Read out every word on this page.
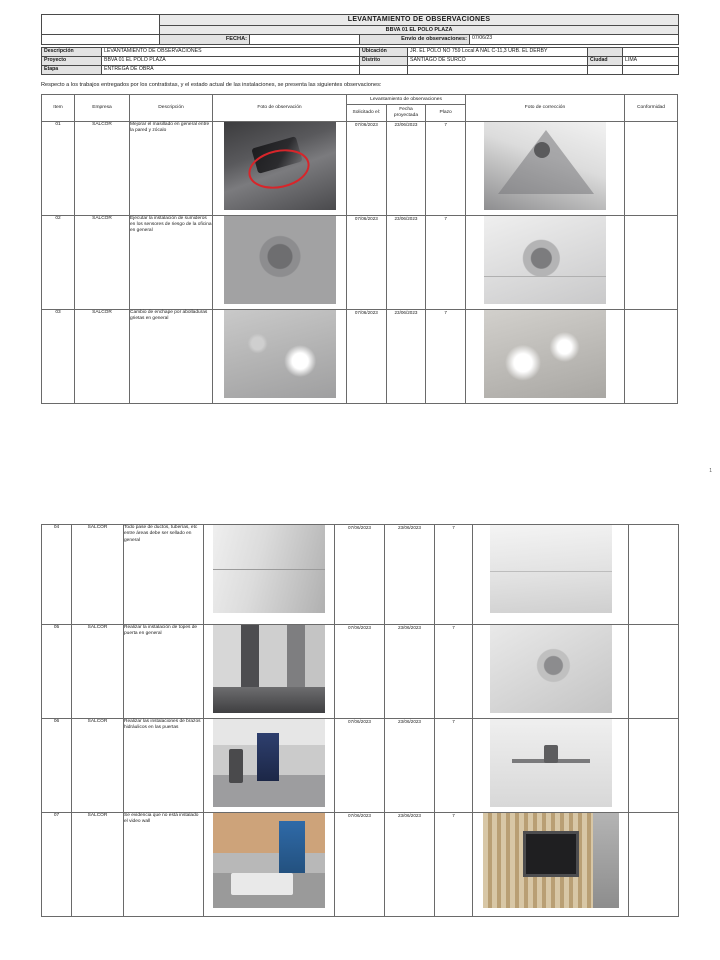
	LEVANTAMIENTO DE OBSERVACIONES			
	BBVA 01 EL POLO PLAZA			
	FECHA:		Envío de observaciones:	07/06/23
Descripción	LEVANTAMIENTO DE OBSERVACIONES	Ubicación	JR. EL POLO NO 759 Local A NAL C-11,3 URB. EL DERBY		
Proyecto	BBVA 01 EL POLO PLAZA	Distrito	SANTIAGO DE SURCO	Ciudad	LIMA
Etapa	ENTREGA DE OBRA				
Respecto a los trabajos entregados por los contratistas, y el estado actual de las instalaciones, se presenta las siguientes observaciones:
Item	Empresa	Descripción	Foto de observación	Levantamiento de observaciones			Foto de corrección	Conformidad
				Solicitado el:	Fecha proyectada	Plazo		
01	SALCOR	Mejorar el masillado en general entre la pared y zócalo		07/06/2023	23/06/2023	7	

02	SALCOR	Ejecutar la instalación de sumideros en los sensores de riesgo de la oficina en general		07/06/2023	23/06/2023	7	

03	SALCOR	Cambio de enchape por abolladuras grietas en general		07/06/2023	23/06/2023	7	

1
04	SALCOR	Todo pase de ductos, tuberías, etc entre áreas debe ser sellado en general		07/06/2023	23/06/2023	7	

05	SALCOR	Realizar la instalación de topes de puerta en general		07/06/2023	23/06/2023	7	

06	SALCOR	Realizar las instalaciones de brazos hidráulicos en las puertas		07/06/2023	23/06/2023	7	

07	SALCOR	Se evidencia que no está instalado el video wall		07/06/2023	23/06/2023	7	
